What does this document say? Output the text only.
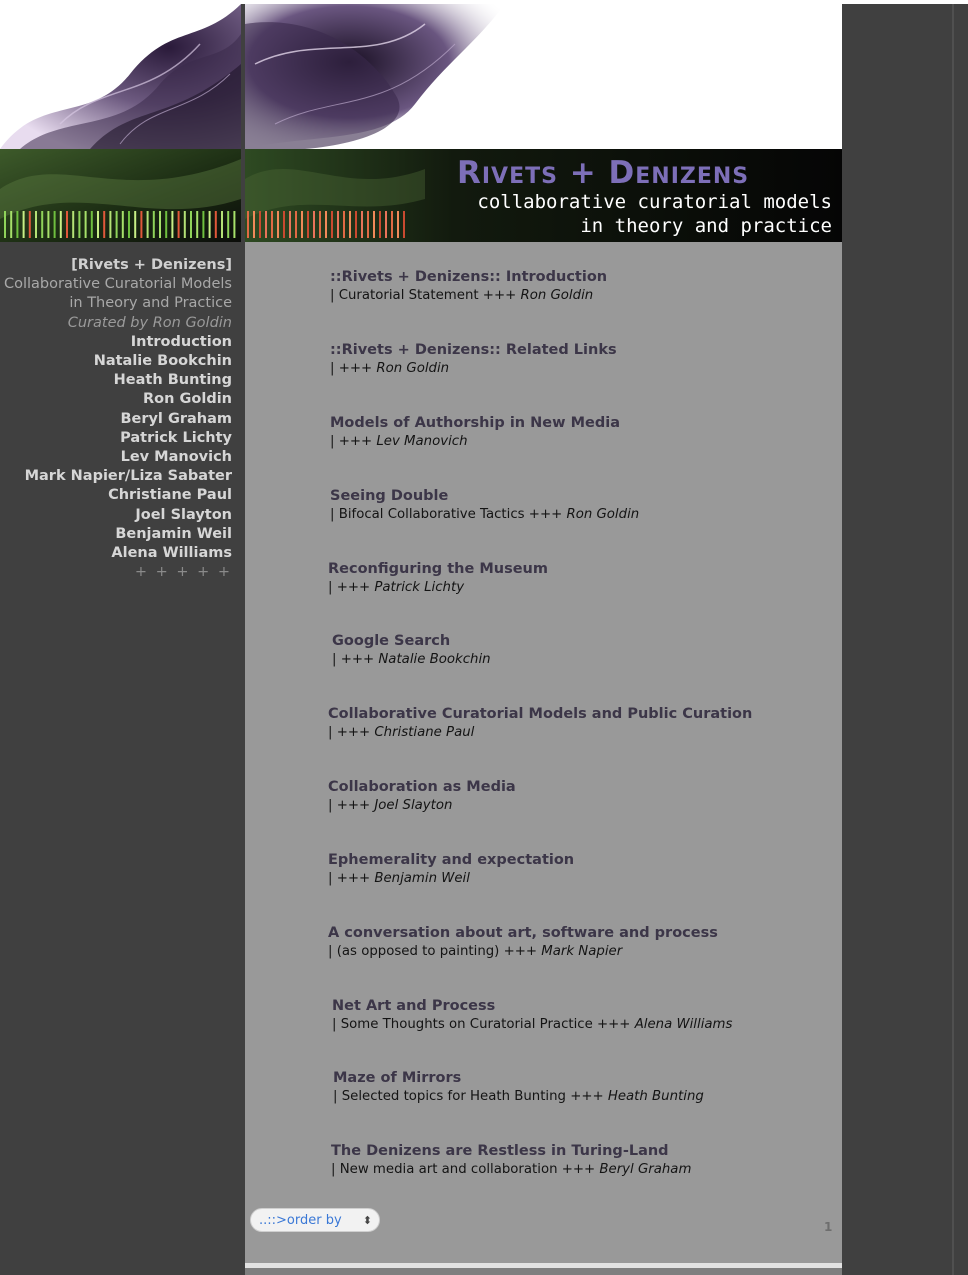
Rivets + Denizens

collaborative curatorial models

in theory and practice

[Rivets + Denizens]
Collaborative Curatorial Models
in Theory and Practice
Curated by Ron Goldin
Introduction
Natalie Bookchin
Heath Bunting
Ron Goldin
Beryl Graham
Patrick Lichty
Lev Manovich
Mark Napier/Liza Sabater
Christiane Paul
Joel Slayton
Benjamin Weil
Alena Williams
+ + + + +
::Rivets + Denizens:: Introduction
| Curatorial Statement +++ Ron Goldin
::Rivets + Denizens:: Related Links
| +++ Ron Goldin
Models of Authorship in New Media
| +++ Lev Manovich
Seeing Double
| Bifocal Collaborative Tactics +++ Ron Goldin
Reconfiguring the Museum
| +++ Patrick Lichty
Google Search
| +++ Natalie Bookchin
Collaborative Curatorial Models and Public Curation
| +++ Christiane Paul
Collaboration as Media
| +++ Joel Slayton
Ephemerality and expectation
| +++ Benjamin Weil
A conversation about art, software and process
| (as opposed to painting) +++ Mark Napier
Net Art and Process
| Some Thoughts on Curatorial Practice +++ Alena Williams
Maze of Mirrors
| Selected topics for Heath Bunting +++ Heath Bunting
The Denizens are Restless in Turing-Land
| New media art and collaboration +++ Beryl Graham
..::>order by ⬍	1
